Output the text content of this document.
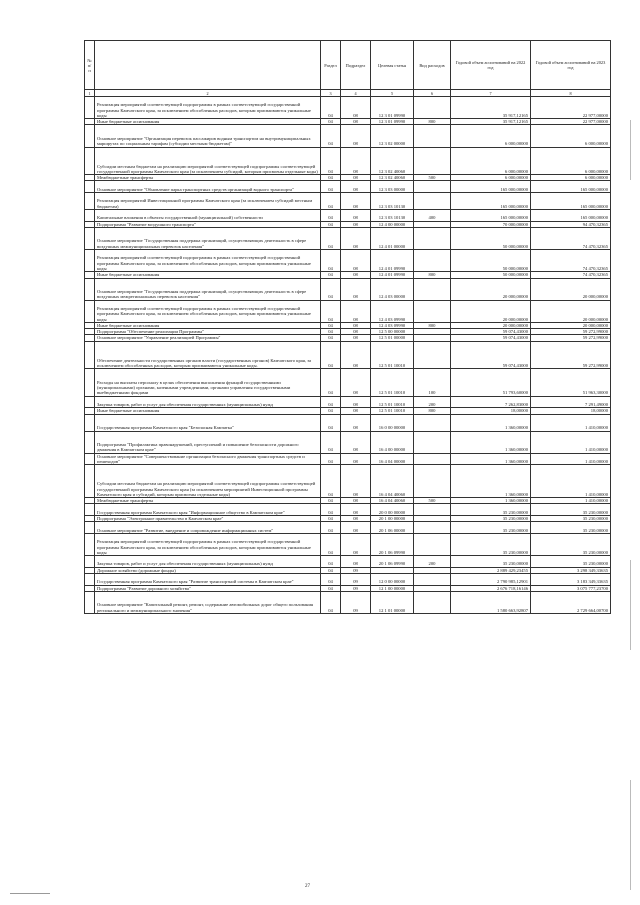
№ п/п		Раздел	Подраздел	Целевая статья	Вид расходов	Годовой объем ассигнований на 2022 год	Годовой объем ассигнований на 2023 год
1	2	3	4	5	6	7	8
	Реализация мероприятий соответствующей подпрограммы в рамках соответствующей государственной программы Камчатского края, за исключением обособленных расходов, которым присваиваются уникальные коды	04	08	12 3 01 09990		35 917,12165	22 977,00000
	Иные бюджетные ассигнования	04	08	12 3 01 09990	800	35 917,12165	22 977,00000
	Основное мероприятие "Организация перевозок пассажиров водным транспортом на внутримуниципальных маршрутах по социальным тарифам (субсидии местным бюджетам)"	04	08	12 3 02 00000		6 000,00000	6 000,00000
	Субсидии местным бюджетам на реализацию мероприятий соответствующей подпрограммы соответствующей государственной программы Камчатского края (за исключением субсидий, которым присвоены отдельные коды)	04	08	12 3 02 40060		6 000,00000	6 000,00000
	Межбюджетные трансферты	04	08	12 3 02 40060	500	6 000,00000	6 000,00000
	Основное мероприятие "Обновление парка транспортных средств организаций водного транспорта"	04	08	12 3 03 00000		165 000,00000	165 000,00000
	Реализация мероприятий Инвестиционной программы Камчатского края (за исключением субсидий местным бюджетам)	04	08	12 3 03 10130		165 000,00000	165 000,00000
	Капитальные вложения в объекты государственной (муниципальной) собственности	04	08	12 3 03 10130	400	165 000,00000	165 000,00000
	Подпрограмма "Развитие воздушного транспорта"	04	08	12 4 00 00000		70 000,00000	94 470,32365
	Основное мероприятие "Государственная поддержка организаций, осуществляющих деятельность в сфере воздушных межмуниципальных перевозок населения"	04	08	12 4 01 00000		50 000,00000	74 470,32365
	Реализация мероприятий соответствующей подпрограммы в рамках соответствующей государственной программы Камчатского края, за исключением обособленных расходов, которым присваиваются уникальные коды	04	08	12 4 01 09990		50 000,00000	74 470,32365
	Иные бюджетные ассигнования	04	08	12 4 01 09990	800	50 000,00000	74 470,32365
	Основное мероприятие "Государственная поддержка организаций, осуществляющих деятельность в сфере воздушных межрегиональных перевозок населения"	04	08	12 4 03 00000		20 000,00000	20 000,00000
	Реализация мероприятий соответствующей подпрограммы в рамках соответствующей государственной программы Камчатского края, за исключением обособленных расходов, которым присваиваются уникальные коды	04	08	12 4 03 09990		20 000,00000	20 000,00000
	Иные бюджетные ассигнования	04	08	12 4 03 09990	800	20 000,00000	20 000,00000
	Подпрограмма "Обеспечение реализации Программы"	04	08	12 5 00 00000		59 074,43000	59 272,99000
	Основное мероприятие "Управление реализацией Программы"	04	08	12 5 01 00000		59 074,43000	59 272,99000
	Обеспечение деятельности государственных органов власти (государственных органов) Камчатского края, за исключением обособленных расходов, которым присваиваются уникальные коды.	04	08	12 5 01 10010		59 074,43000	59 272,99000
	Расходы на выплаты персоналу в целях обеспечения выполнения функций государственными (муниципальными) органами, казенными учреждениями, органами управления государственными внебюджетными фондами	04	08	12 5 01 10010	100	51 793,60000	51 963,30000
	Закупка товаров, работ и услуг для обеспечения государственных (муниципальных) нужд	04	08	12 5 01 10010	200	7 262,83000	7 291,49000
	Иные бюджетные ассигнования	04	08	12 5 01 10010	800	18,00000	18,00000
	Государственная программа Камчатского края "Безопасная Камчатка"	04	08	16 0 00 00000		1 360,00000	1 410,00000
	Подпрограмма "Профилактика правонарушений, преступлений и повышение безопасности дорожного движения в Камчатском крае"	04	08	16 4 00 00000		1 360,00000	1 410,00000
	Основное мероприятие "Совершенствование организации безопасного движения транспортных средств и пешеходов"	04	08	16 4 04 00000		1 360,00000	1 410,00000
	Субсидии местным бюджетам на реализацию мероприятий соответствующей подпрограммы соответствующей государственной программы Камчатского края (за исключением мероприятий Инвестиционной программы Камчатского края и субсидий, которым присвоены отдельные коды)	04	08	16 4 04 40060		1 360,00000	1 410,00000
	Межбюджетные трансферты	04	08	16 4 04 40060	500	1 360,00000	1 410,00000
	Государственная программа Камчатского края "Информационное общество в Камчатском крае"	04	08	20 0 00 00000		35 230,00000	35 230,00000
	Подпрограмма "Электронное правительство в Камчатском крае"	04	08	20 1 00 00000		35 230,00000	35 230,00000
	Основное мероприятие "Развитие, внедрение и сопровождение информационных систем"	04	08	20 1 06 00000		35 230,00000	35 230,00000
	Реализация мероприятий соответствующей подпрограммы в рамках соответствующей государственной программы Камчатского края, за исключением обособленных расходов, которым присваиваются уникальные коды	04	08	20 1 06 09990		35 230,00000	35 230,00000
	Закупка товаров, работ и услуг для обеспечения государственных (муниципальных) нужд	04	08	20 1 06 09990	200	35 230,00000	35 230,00000
	Дорожное хозяйство (дорожные фонды)	04	09			2 889 429,23455	3 298 349,33635
	Государственная программа Камчатского края "Развитие транспортной системы в Камчатском крае"	04	09	12 0 00 00000		2 790 985,12901	3 183 349,33635
	Подпрограмма "Развитие дорожного хозяйства"	04	09	12 1 00 00000		2 676 718,16146	3 075 777,23700
	Основное мероприятие "Капитальный ремонт, ремонт, содержание автомобильных дорог общего пользования регионального и межмуниципального значения"	04	09	12 1 01 00000		1 580 663,92807	2 729 664,00700
27
